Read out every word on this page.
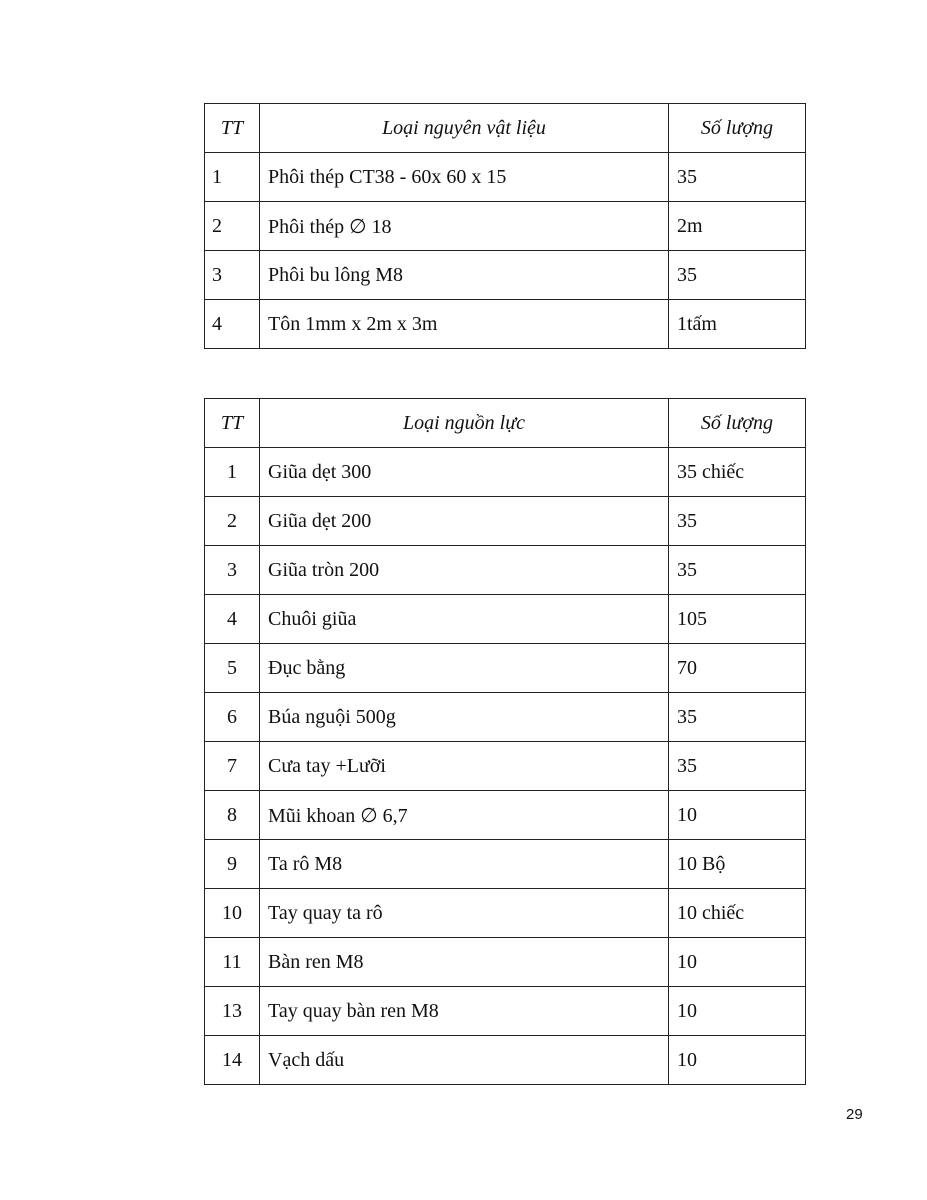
TT	Loại nguyên vật liệu	Số lượng
1	Phôi thép CT38 - 60x 60 x 15	35
2	Phôi thép ∅ 18	2m
3	Phôi bu lông M8	35
4	Tôn 1mm x 2m x 3m	1tấm
TT	Loại nguồn lực	Số lượng
1	Giũa dẹt 300	35 chiếc
2	Giũa dẹt 200	35
3	Giũa tròn 200	35
4	Chuôi giũa	105
5	Đục bằng	70
6	Búa nguội 500g	35
7	Cưa tay +Lưỡi	35
8	Mũi khoan ∅ 6,7	10
9	Ta rô M8	10 Bộ
10	Tay quay ta rô	10 chiếc
11	Bàn ren M8	10
13	Tay quay bàn ren M8	10
14	Vạch dấu	10
29
